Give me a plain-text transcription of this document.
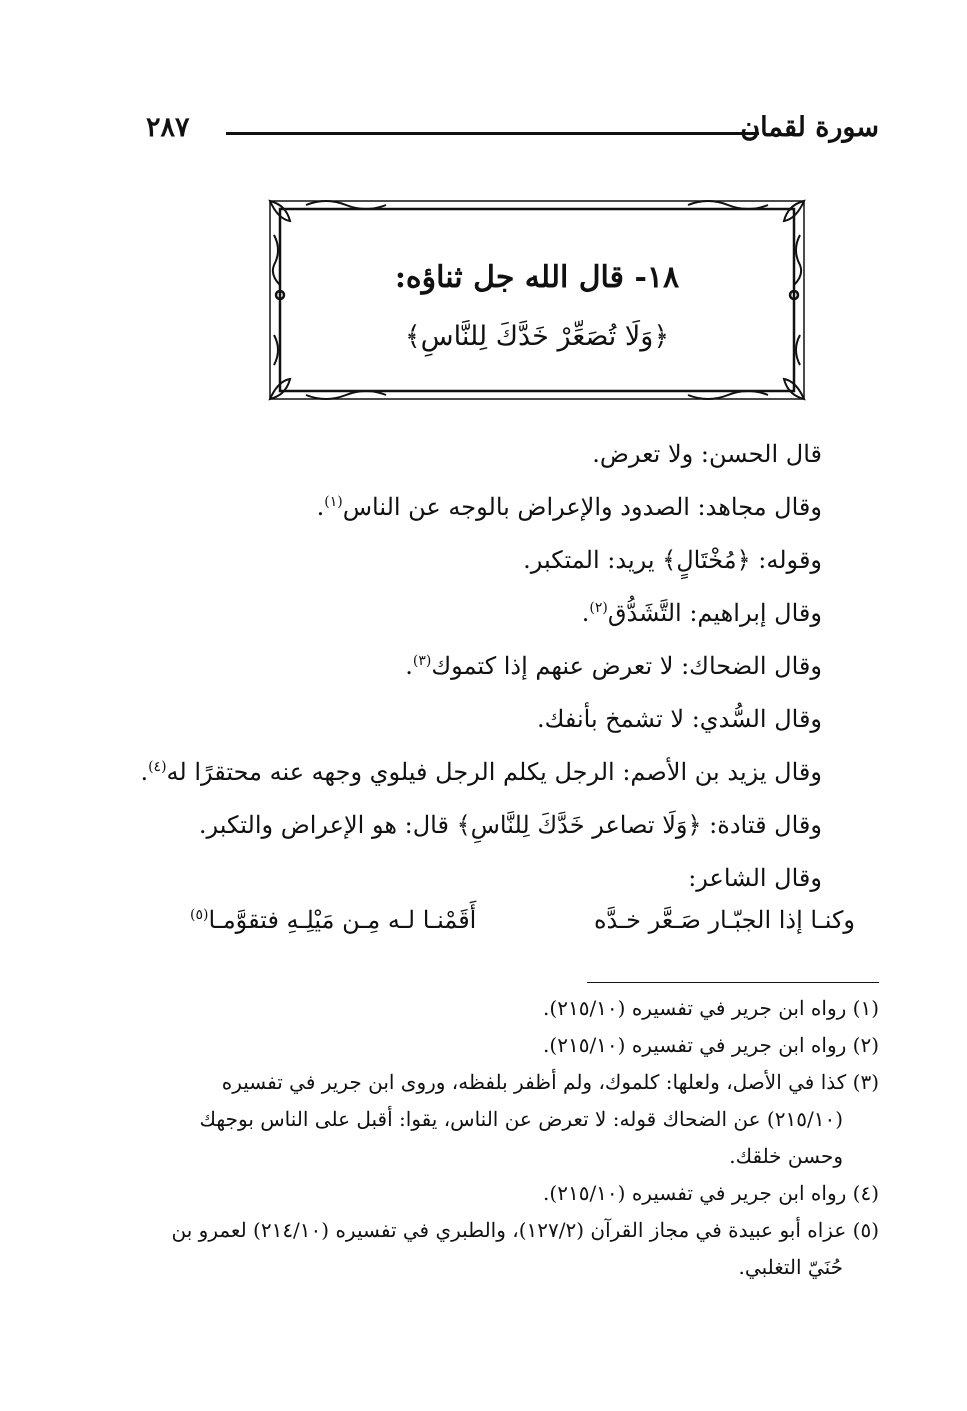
سورة لقمان
٢٨٧
١٨- قال الله جل ثناؤه:
﴿وَلَا تُصَعِّرْ خَدَّكَ لِلنَّاسِ﴾
قال الحسن: ولا تعرض.
وقال مجاهد: الصدود والإعراض بالوجه عن الناس$^{(١)}$.
وقوله: ﴿مُخْتَالٍ﴾ يريد: المتكبر.
وقال إبراهيم: التَّشَدُّق$^{(٢)}$.
وقال الضحاك: لا تعرض عنهم إذا كتموك$^{(٣)}$.
وقال السُّدي: لا تشمخ بأنفك.
وقال يزيد بن الأصم: الرجل يكلم الرجل فيلوي وجهه عنه محتقرًا له$^{(٤)}$.
وقال قتادة: ﴿وَلَا تصاعر خَدَّكَ لِلنَّاسِ﴾ قال: هو الإعراض والتكبر.
وقال الشاعر:
وكنـا إذا الجبّـار صَـعَّر خـدَّه
أَقَمْنـا لـه مِـن مَيْلِـهِ فتقوَّمـا$^{(٥)}$
(١) رواه ابن جرير في تفسيره (٢١٥/١٠).
(٢) رواه ابن جرير في تفسيره (٢١٥/١٠).
(٣) كذا في الأصل، ولعلها: كلموك، ولم أظفر بلفظه، وروى ابن جرير في تفسيره
(٢١٥/١٠) عن الضحاك قوله: لا تعرض عن الناس، يقوا: أقبل على الناس بوجهك
وحسن خلقك.
(٤) رواه ابن جرير في تفسيره (٢١٥/١٠).
(٥) عزاه أبو عبيدة في مجاز القرآن (١٢٧/٢)، والطبري في تفسيره (٢١٤/١٠) لعمرو بن
حُنَيّ التغلبي.
